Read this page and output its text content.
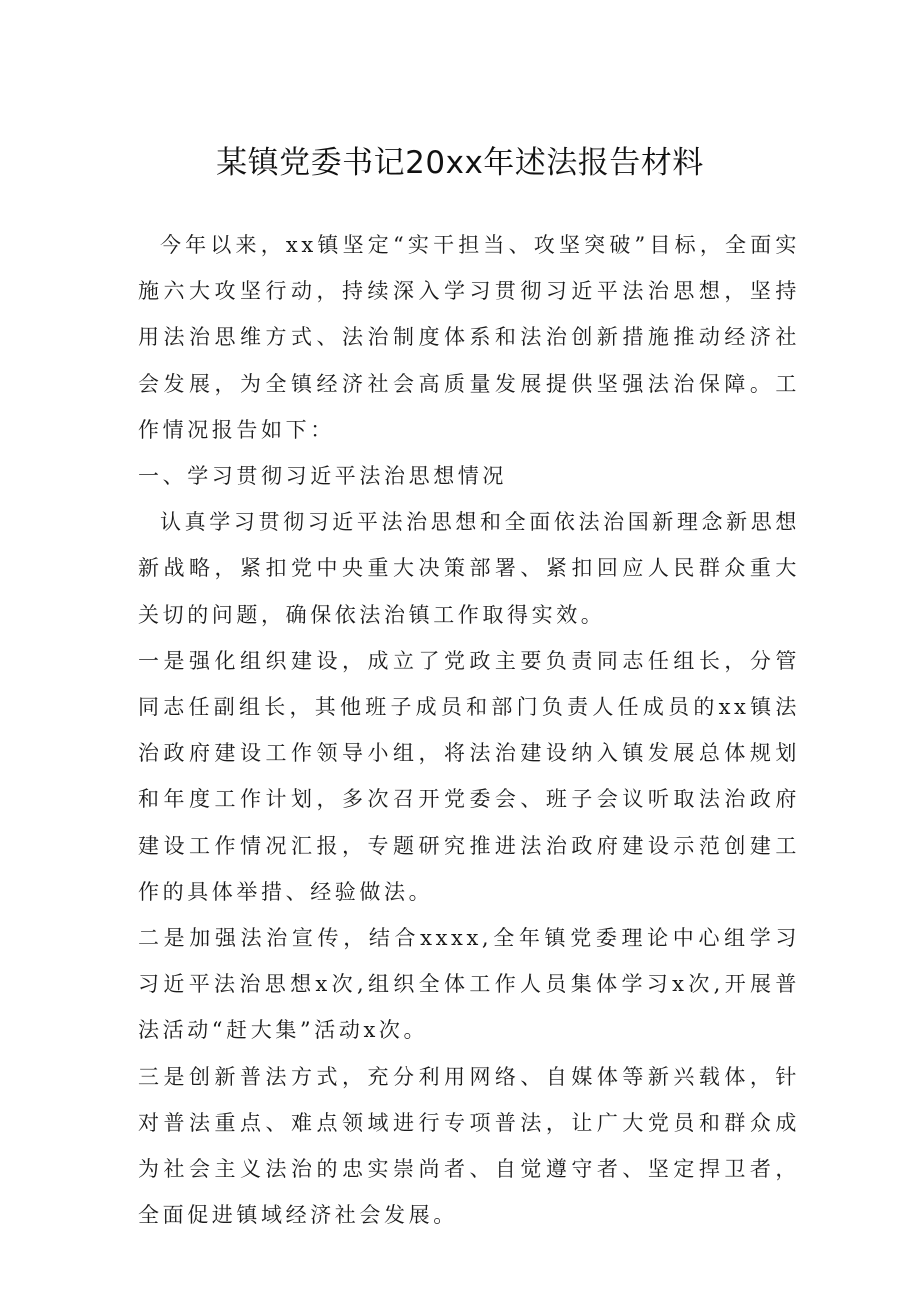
某镇党委书记20xx年述法报告材料

今年以来，xx镇坚定“实干担当、攻坚突破”目标，全面实施六大攻坚行动，持续深入学习贯彻习近平法治思想，坚持用法治思维方式、法治制度体系和法治创新措施推动经济社会发展，为全镇经济社会高质量发展提供坚强法治保障。工作情况报告如下：

一、学习贯彻习近平法治思想情况

认真学习贯彻习近平法治思想和全面依法治国新理念新思想新战略，紧扣党中央重大决策部署、紧扣回应人民群众重大关切的问题，确保依法治镇工作取得实效。

一是强化组织建设，成立了党政主要负责同志任组长，分管同志任副组长，其他班子成员和部门负责人任成员的xx镇法治政府建设工作领导小组，将法治建设纳入镇发展总体规划和年度工作计划，多次召开党委会、班子会议听取法治政府建设工作情况汇报，专题研究推进法治政府建设示范创建工作的具体举措、经验做法。

二是加强法治宣传，结合xxxx,全年镇党委理论中心组学习习近平法治思想x次,组织全体工作人员集体学习x次,开展普法活动“赶大集”活动x次。

三是创新普法方式，充分利用网络、自媒体等新兴载体，针对普法重点、难点领域进行专项普法，让广大党员和群众成为社会主义法治的忠实崇尚者、自觉遵守者、坚定捍卫者，全面促进镇域经济社会发展。
